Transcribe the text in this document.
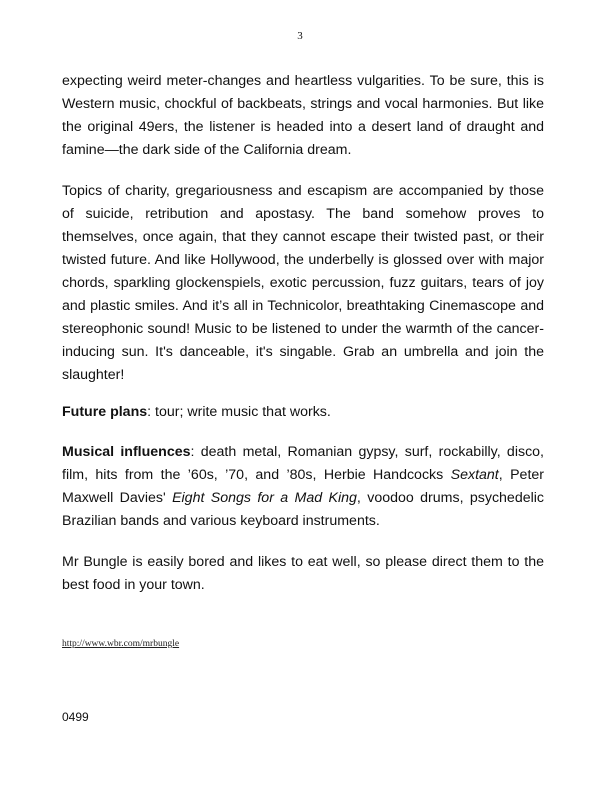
3

expecting weird meter-changes and heartless vulgarities. To be sure, this is Western music, chockful of backbeats, strings and vocal harmonies. But like the original 49ers, the listener is headed into a desert land of draught and famine—the dark side of the California dream.

Topics of charity, gregariousness and escapism are accompanied by those of suicide, retribution and apostasy. The band somehow proves to themselves, once again, that they cannot escape their twisted past, or their twisted future. And like Hollywood, the underbelly is glossed over with major chords, sparkling glockenspiels, exotic percussion, fuzz guitars, tears of joy and plastic smiles. And it’s all in Technicolor, breathtaking Cinemascope and stereophonic sound! Music to be listened to under the warmth of the cancer-inducing sun. It's danceable, it's singable. Grab an umbrella and join the slaughter!

Future plans: tour; write music that works.

Musical influences: death metal, Romanian gypsy, surf, rockabilly, disco, film, hits from the ’60s, ’70, and ’80s, Herbie Handcocks Sextant, Peter Maxwell Davies' Eight Songs for a Mad King, voodoo drums, psychedelic Brazilian bands and various keyboard instruments.

Mr Bungle is easily bored and likes to eat well, so please direct them to the best food in your town.

http://www.wbr.com/mrbungle
0499
